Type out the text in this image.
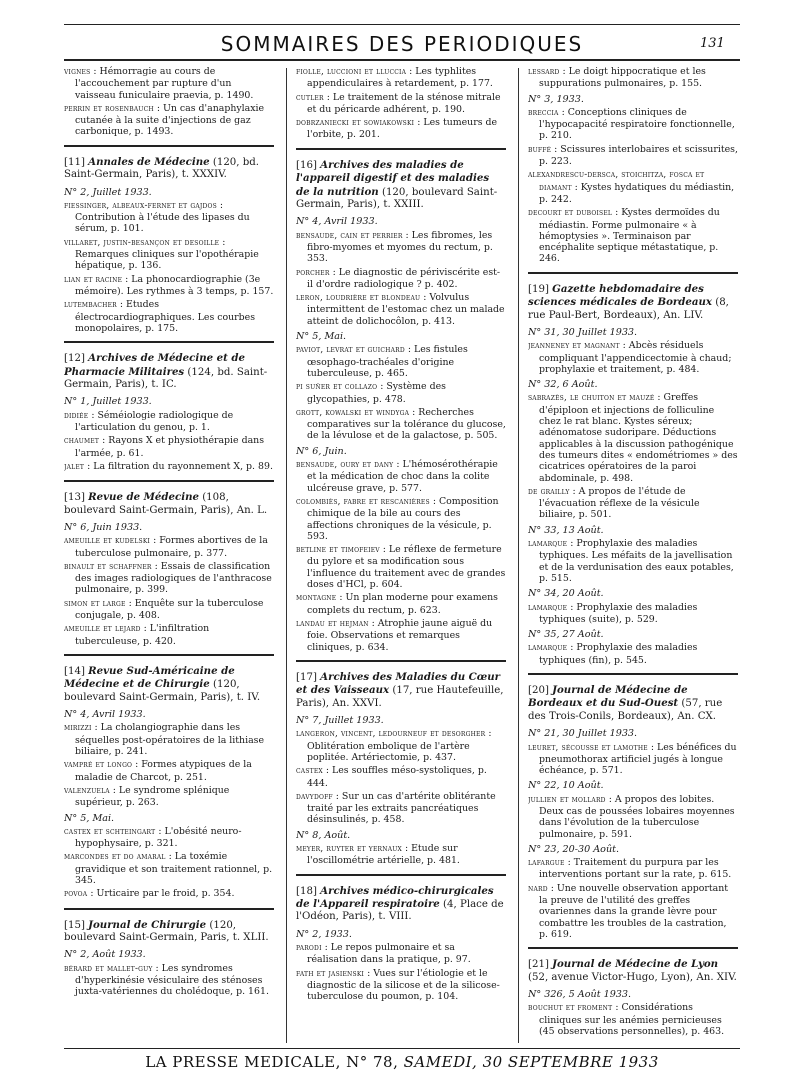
SOMMAIRES DES PERIODIQUES	131

vignes : Hémorragie au cours de l'accouchement par rupture d'un vaisseau funiculaire praevia, p. 1490.

perrin et rosenbauch : Un cas d'anaphylaxie cutanée à la suite d'injections de gaz carbonique, p. 1493.

[11] Annales de Médecine (120, bd. Saint-Germain, Paris), t. XXXIV.

N° 2, Juillet 1933.

fiessinger, albeaux-fernet et gajdos : Contribution à l'étude des lipases du sérum, p. 101.

villaret, justin-besançon et desoille : Remarques cliniques sur l'opothérapie hépatique, p. 136.

lian et racine : La phonocardiographie (3e mémoire). Les rythmes à 3 temps, p. 157.

lutembacher : Etudes électrocardiographiques. Les courbes monopolaires, p. 175.

[12] Archives de Médecine et de Pharmacie Militaires (124, bd. Saint-Germain, Paris), t. IC.

N° 1, Juillet 1933.

didiée : Séméiologie radiologique de l'articulation du genou, p. 1.

chaumet : Rayons X et physiothérapie dans l'armée, p. 61.

jalet : La filtration du rayonnement X, p. 89.

[13] Revue de Médecine (108, boulevard Saint-Germain, Paris), An. L.

N° 6, Juin 1933.

ameuille et kudelski : Formes abortives de la tuberculose pulmonaire, p. 377.

binault et schaffner : Essais de classification des images radiologiques de l'anthracose pulmonaire, p. 399.

simon et large : Enquête sur la tuberculose conjugale, p. 408.

ameuille et lejard : L'infiltration tuberculeuse, p. 420.

[14] Revue Sud-Américaine de Médecine et de Chirurgie (120, boulevard Saint-Germain, Paris), t. IV.

N° 4, Avril 1933.

mirizzi : La cholangiographie dans les séquelles post-opératoires de la lithiase biliaire, p. 241.

vampré et longo : Formes atypiques de la maladie de Charcot, p. 251.

valenzuela : Le syndrome splénique supérieur, p. 263.

N° 5, Mai.

castex et schteingart : L'obésité neuro-hypophysaire, p. 321.

marcondes et do amaral : La toxémie gravidique et son traitement rationnel, p. 345.

povoa : Urticaire par le froid, p. 354.

[15] Journal de Chirurgie (120, boulevard Saint-Germain, Paris, t. XLII.

N° 2, Août 1933.

bérard et mallet-guy : Les syndromes d'hyperkinésie vésiculaire des sténoses juxta-vatériennes du cholédoque, p. 161.

fiolle, luccioni et lluccia : Les typhlites appendiculaires à retardement, p. 177.

cutler : Le traitement de la sténose mitrale et du péricarde adhérent, p. 190.

dobrzaniecki et sowiakowski : Les tumeurs de l'orbite, p. 201.

[16] Archives des maladies de l'appareil digestif et des maladies de la nutrition (120, boulevard Saint-Germain, Paris), t. XXIII.

N° 4, Avril 1933.

bensaude, cain et perrier : Les fibromes, les fibro-myomes et myomes du rectum, p. 353.

porcher : Le diagnostic de périviscérite est-il d'ordre radiologique ? p. 402.

leron, loudrière et blondeau : Volvulus intermittent de l'estomac chez un malade atteint de dolichocôlon, p. 413.

N° 5, Mai.

paviot, levrat et guichard : Les fistules œsophago-trachéales d'origine tuberculeuse, p. 465.

pi suñer et collazo : Système des glycopathies, p. 478.

grott, kowalski et windyga : Recherches comparatives sur la tolérance du glucose, de la lévulose et de la galactose, p. 505.

N° 6, Juin.

bensaude, oury et dany : L'hémosérothérapie et la médication de choc dans la colite ulcéreuse grave, p. 577.

colombiès, fabre et rescanières : Composition chimique de la bile au cours des affections chroniques de la vésicule, p. 593.

betline et timofeiev : Le réflexe de fermeture du pylore et sa modification sous l'influence du traitement avec de grandes doses d'HCl, p. 604.

montagne : Un plan moderne pour examens complets du rectum, p. 623.

landau et hejman : Atrophie jaune aiguë du foie. Observations et remarques cliniques, p. 634.

[17] Archives des Maladies du Cœur et des Vaisseaux (17, rue Hautefeuille, Paris), An. XXVI.

N° 7, Juillet 1933.

langeron, vincent, ledourneuf et desorgher : Oblitération embolique de l'artère poplitée. Artériectomie, p. 437.

castex : Les souffles méso-systoliques, p. 444.

davydoff : Sur un cas d'artérite oblitérante traité par les extraits pancréatiques désinsulinés, p. 458.

N° 8, Août.

meyer, ruyter et yernaux : Etude sur l'oscillométrie artérielle, p. 481.

[18] Archives médico-chirurgicales de l'Appareil respiratoire (4, Place de l'Odéon, Paris), t. VIII.

N° 2, 1933.

parodi : Le repos pulmonaire et sa réalisation dans la pratique, p. 97.

fath et jasienski : Vues sur l'étiologie et le diagnostic de la silicose et de la silicose-tuberculose du poumon, p. 104.

lessard : Le doigt hippocratique et les suppurations pulmonaires, p. 155.

N° 3, 1933.

breccia : Conceptions cliniques de l'hypocapacité respiratoire fonctionnelle, p. 210.

buffé : Scissures interlobaires et scissurites, p. 223.

alexandrescu-dersca, stoichitza, fosca et diamant : Kystes hydatiques du médiastin, p. 242.

decourt et duboisel : Kystes dermoïdes du médiastin. Forme pulmonaire « à hémoptysies ». Terminaison par encéphalite septique métastatique, p. 246.

[19] Gazette hebdomadaire des sciences médicales de Bordeaux (8, rue Paul-Bert, Bordeaux), An. LIV.

N° 31, 30 Juillet 1933.

jeanneney et magnant : Abcès résiduels compliquant l'appendicectomie à chaud; prophylaxie et traitement, p. 484.

N° 32, 6 Août.

sabrazès, le chuiton et mauzé : Greffes d'épiploon et injections de folliculine chez le rat blanc. Kystes séreux; adénomatose sudoripare. Déductions applicables à la discussion pathogénique des tumeurs dites « endométriomes » des cicatrices opératoires de la paroi abdominale, p. 498.

de grailly : A propos de l'étude de l'évacuation réflexe de la vésicule biliaire, p. 501.

N° 33, 13 Août.

lamarque : Prophylaxie des maladies typhiques. Les méfaits de la javellisation et de la verdunisation des eaux potables, p. 515.

N° 34, 20 Août.

lamarque : Prophylaxie des maladies typhiques (suite), p. 529.

N° 35, 27 Août.

lamarque : Prophylaxie des maladies typhiques (fin), p. 545.

[20] Journal de Médecine de Bordeaux et du Sud-Ouest (57, rue des Trois-Conils, Bordeaux), An. CX.

N° 21, 30 Juillet 1933.

leuret, sécousse et lamothe : Les bénéfices du pneumothorax artificiel jugés à longue échéance, p. 571.

N° 22, 10 Août.

jullien et mollard : A propos des lobites. Deux cas de poussées lobaires moyennes dans l'évolution de la tuberculose pulmonaire, p. 591.

N° 23, 20-30 Août.

lafargue : Traitement du purpura par les interventions portant sur la rate, p. 615.

nard : Une nouvelle observation apportant la preuve de l'utilité des greffes ovariennes dans la grande lèvre pour combattre les troubles de la castration, p. 619.

[21] Journal de Médecine de Lyon (52, avenue Victor-Hugo, Lyon), An. XIV.

N° 326, 5 Août 1933.

bouchut et froment : Considérations cliniques sur les anémies pernicieuses (45 observations personnelles), p. 463.

LA PRESSE MEDICALE, N° 78, SAMEDI, 30 SEPTEMBRE 1933
